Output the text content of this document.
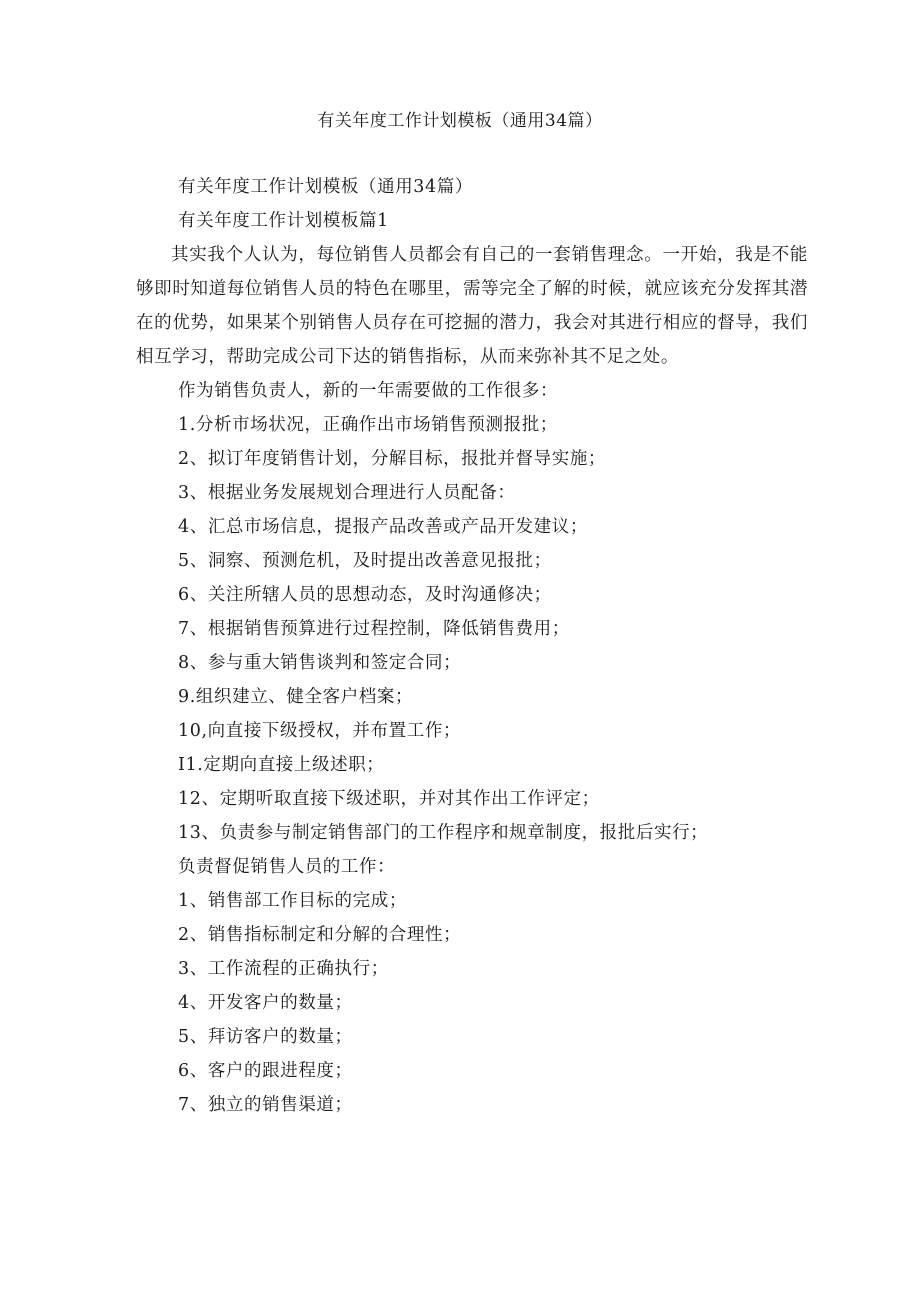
有关年度工作计划模板（通用34篇）
有关年度工作计划模板（通用34篇）
有关年度工作计划模板篇1

其实我个人认为，每位销售人员都会有自己的一套销售理念。一开始，我是不能够即时知道每位销售人员的特色在哪里，需等完全了解的时候，就应该充分发挥其潜在的优势，如果某个别销售人员存在可挖掘的潜力，我会对其进行相应的督导，我们相互学习，帮助完成公司下达的销售指标，从而来弥补其不足之处。

作为销售负责人，新的一年需要做的工作很多：
1.分析市场状况，正确作出市场销售预测报批；
2、拟订年度销售计划，分解目标，报批并督导实施；
3、根据业务发展规划合理进行人员配备：
4、汇总市场信息，提报产品改善或产品开发建议；
5、洞察、预测危机，及时提出改善意见报批；
6、关注所辖人员的思想动态，及时沟通修决；
7、根据销售预算进行过程控制，降低销售费用；
8、参与重大销售谈判和签定合同；
9.组织建立、健全客户档案；
10,向直接下级授权，并布置工作；
I1.定期向直接上级述职；
12、定期听取直接下级述职，并对其作出工作评定；
13、负责参与制定销售部门的工作程序和规章制度，报批后实行；
负责督促销售人员的工作：
1、销售部工作目标的完成；
2、销售指标制定和分解的合理性；
3、工作流程的正确执行；
4、开发客户的数量；
5、拜访客户的数量；
6、客户的跟进程度；
7、独立的销售渠道；
